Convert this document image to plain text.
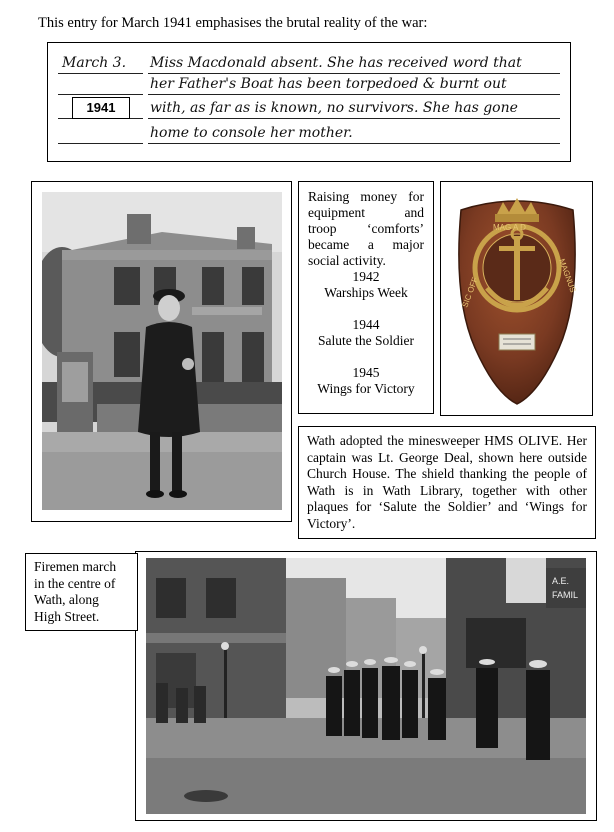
This entry for March 1941 emphasises the brutal reality of the war:
March 3.
1941
Miss Macdonald absent. She has received word that
her Father's Boat has been torpedoed & burnt out
with, as far as is known, no survivors. She has gone
home to console her mother.
Raising money for
equipment and
troop ‘comforts’
became a major
social activity.
1942
Warships Week
1944
Salute the Soldier
1945
Wings for Victory
SIC OFF
MAG A D
MAGNUS
Wath adopted the minesweeper HMS OLIVE. Her captain was Lt. George Deal, shown here outside Church House. The shield thanking the people of Wath is in Wath Library, together with other plaques for ‘Salute the Soldier’ and ‘Wings for Victory’.
A.E.
FAMIL
Firemen march
in the centre of
Wath, along
High Street.
